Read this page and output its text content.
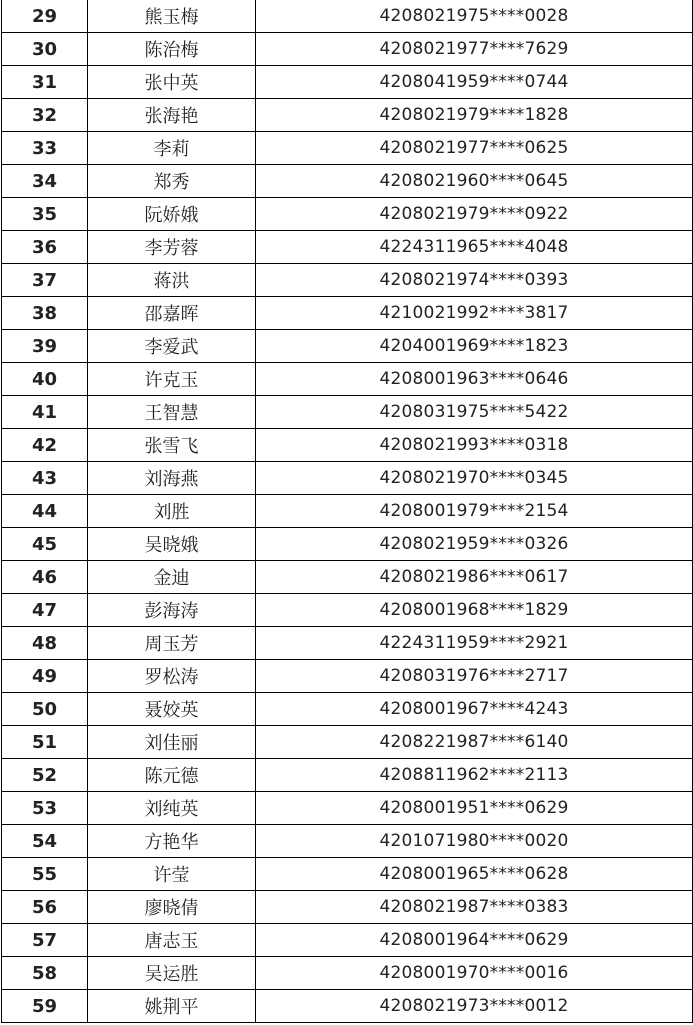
29	熊玉梅	4208021975****0028
30	陈治梅	4208021977****7629
31	张中英	4208041959****0744
32	张海艳	4208021979****1828
33	李莉	4208021977****0625
34	郑秀	4208021960****0645
35	阮娇娥	4208021979****0922
36	李芳蓉	4224311965****4048
37	蒋洪	4208021974****0393
38	邵嘉晖	4210021992****3817
39	李爱武	4204001969****1823
40	许克玉	4208001963****0646
41	王智慧	4208031975****5422
42	张雪飞	4208021993****0318
43	刘海燕	4208021970****0345
44	刘胜	4208001979****2154
45	吴晓娥	4208021959****0326
46	金迪	4208021986****0617
47	彭海涛	4208001968****1829
48	周玉芳	4224311959****2921
49	罗松涛	4208031976****2717
50	聂姣英	4208001967****4243
51	刘佳丽	4208221987****6140
52	陈元德	4208811962****2113
53	刘纯英	4208001951****0629
54	方艳华	4201071980****0020
55	许莹	4208001965****0628
56	廖晓倩	4208021987****0383
57	唐志玉	4208001964****0629
58	吴运胜	4208001970****0016
59	姚荆平	4208021973****0012
